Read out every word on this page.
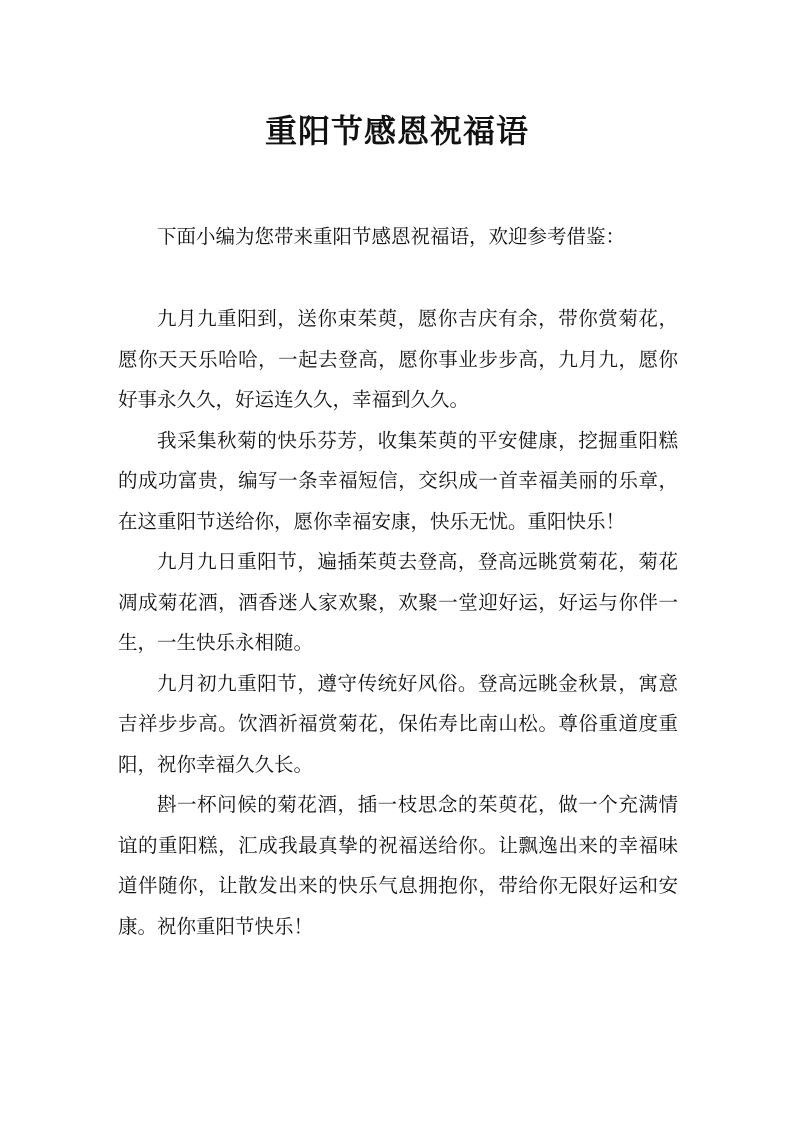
重阳节感恩祝福语

下面小编为您带来重阳节感恩祝福语，欢迎参考借鉴：

九月九重阳到，送你束茱萸，愿你吉庆有余，带你赏菊花，愿你天天乐哈哈，一起去登高，愿你事业步步高，九月九，愿你好事永久久，好运连久久，幸福到久久。

我采集秋菊的快乐芬芳，收集茱萸的平安健康，挖掘重阳糕的成功富贵，编写一条幸福短信，交织成一首幸福美丽的乐章，在这重阳节送给你，愿你幸福安康，快乐无忧。重阳快乐！

九月九日重阳节，遍插茱萸去登高，登高远眺赏菊花，菊花凋成菊花酒，酒香迷人家欢聚，欢聚一堂迎好运，好运与你伴一生，一生快乐永相随。

九月初九重阳节，遵守传统好风俗。登高远眺金秋景，寓意吉祥步步高。饮酒祈福赏菊花，保佑寿比南山松。尊俗重道度重阳，祝你幸福久久长。

斟一杯问候的菊花酒，插一枝思念的茱萸花，做一个充满情谊的重阳糕，汇成我最真挚的祝福送给你。让飘逸出来的幸福味道伴随你，让散发出来的快乐气息拥抱你，带给你无限好运和安康。祝你重阳节快乐！
